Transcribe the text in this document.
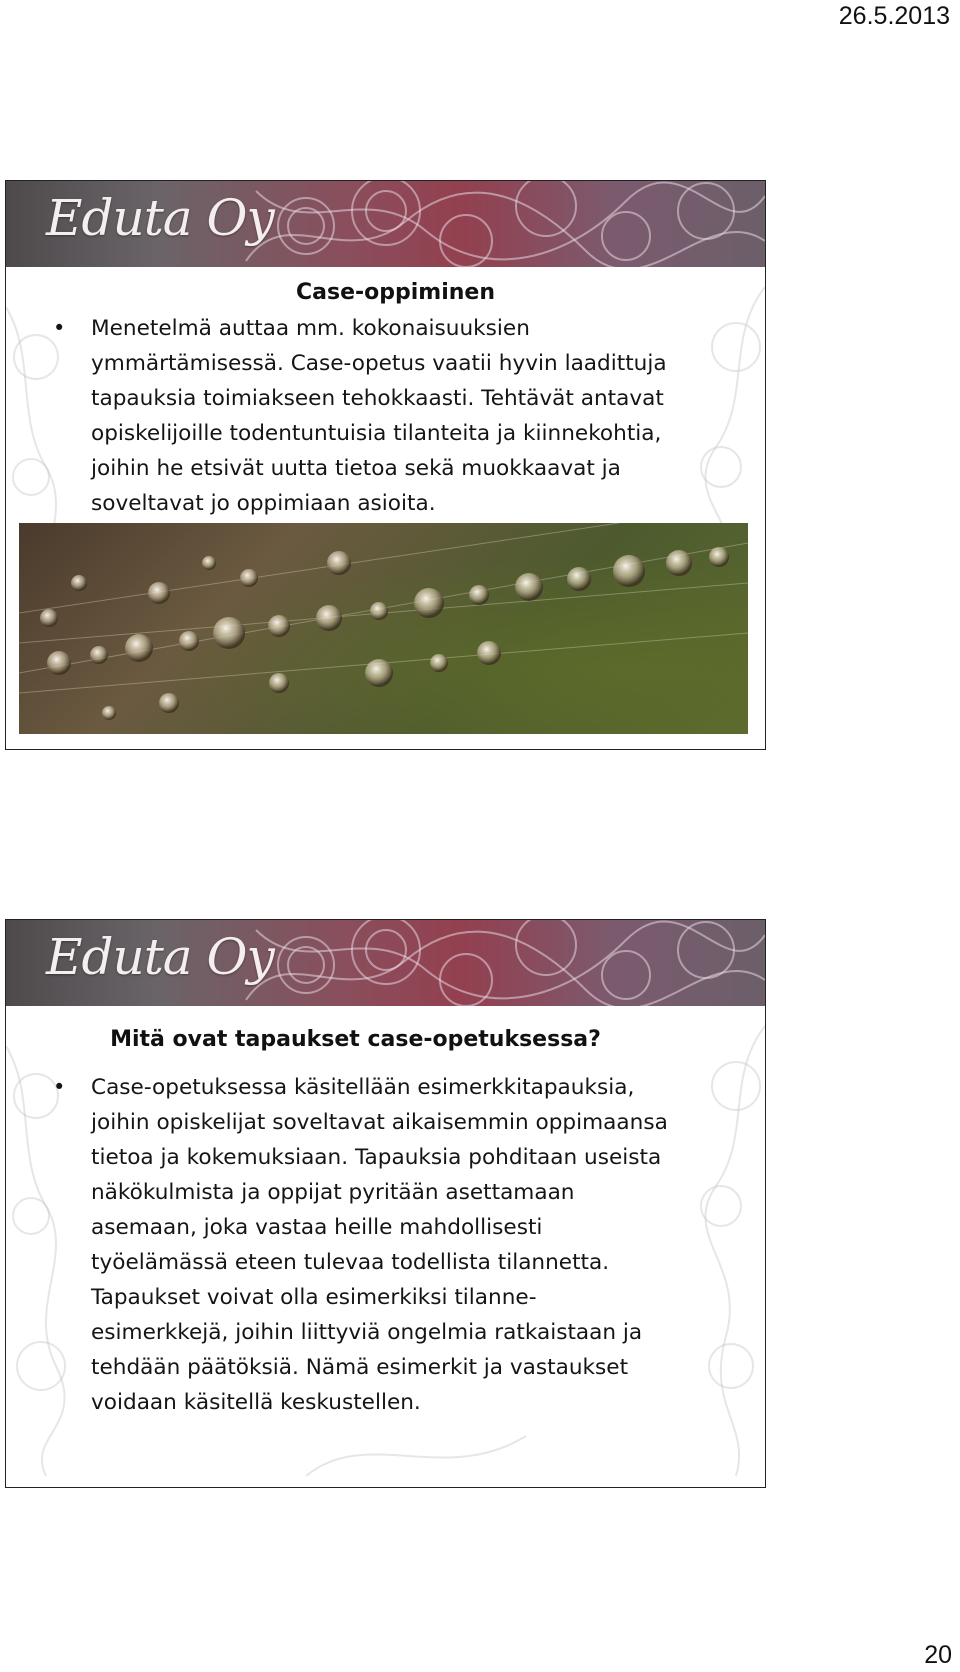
26.5.2013
Eduta Oy
Case-oppiminen
• Menetelmä auttaa mm. kokonaisuuksien
ymmärtämisessä. Case-opetus vaatii hyvin laadittuja
tapauksia toimiakseen tehokkaasti. Tehtävät antavat
opiskelijoille todentuntuisia tilanteita ja kiinnekohtia,
joihin he etsivät uutta tietoa sekä muokkaavat ja
soveltavat jo oppimiaan asioita.
Eduta Oy
Mitä ovat tapaukset case-opetuksessa?
• Case-opetuksessa käsitellään esimerkkitapauksia,
joihin opiskelijat soveltavat aikaisemmin oppimaansa
tietoa ja kokemuksiaan. Tapauksia pohditaan useista
näkökulmista ja oppijat pyritään asettamaan
asemaan, joka vastaa heille mahdollisesti
työelämässä eteen tulevaa todellista tilannetta.
Tapaukset voivat olla esimerkiksi tilanne-
esimerkkejä, joihin liittyviä ongelmia ratkaistaan ja
tehdään päätöksiä. Nämä esimerkit ja vastaukset
voidaan käsitellä keskustellen.
20
